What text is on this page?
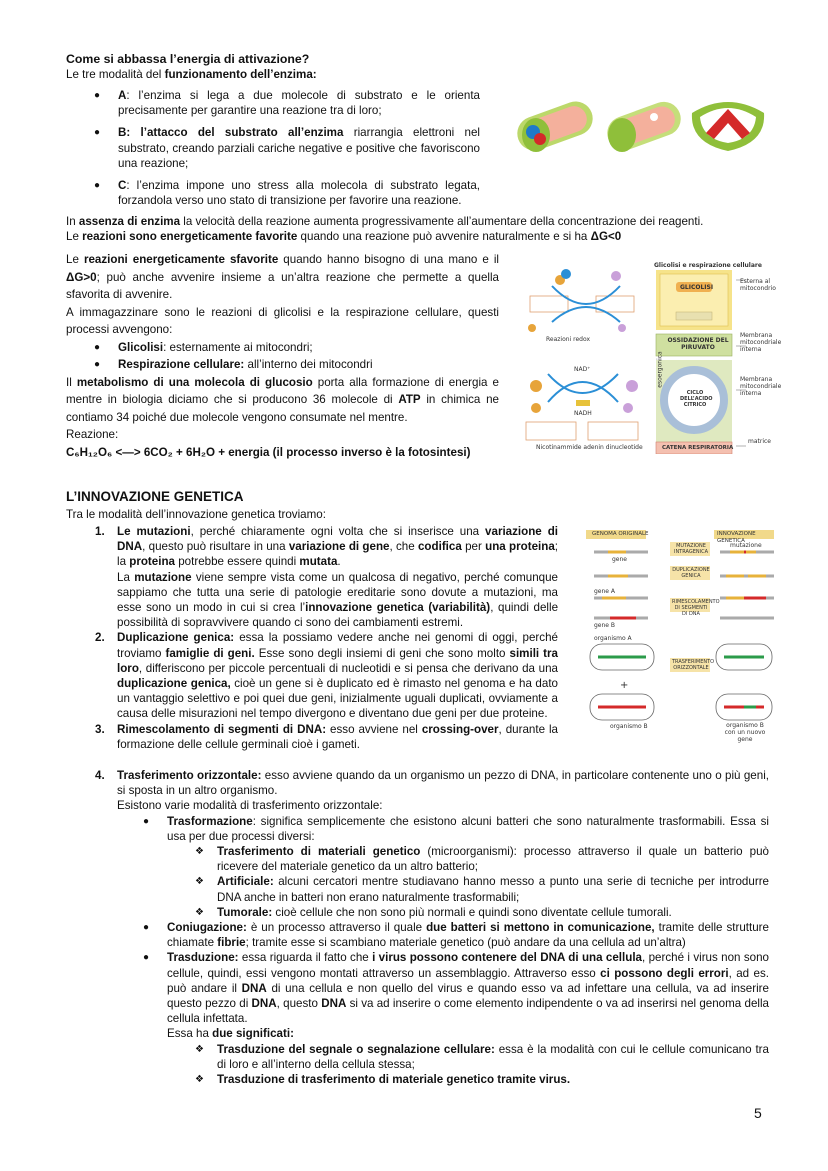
Come si abbassa l’energia di attivazione?

Le tre modalità del funzionamento dell’enzima:

● A: l’enzima si lega a due molecole di substrato e le orienta precisamente per garantire una reazione tra di loro;
● B: l’attacco del substrato all’enzima riarrangia elettroni nel substrato, creando parziali cariche negative e positive che favoriscono una reazione;
● C: l’enzima impone uno stress alla molecola di substrato legata, forzandola verso uno stato di transizione per favorire una reazione.

In assenza di enzima la velocità della reazione aumenta progressivamente all’aumentare della concentrazione dei reagenti.

Le reazioni sono energeticamente favorite quando una reazione può avvenire naturalmente e si ha ΔG<0

Le reazioni energeticamente sfavorite quando hanno bisogno di una mano e il ΔG>0; può anche avvenire insieme a un’altra reazione che permette a quella sfavorita di avvenire.

A immagazzinare sono le reazioni di glicolisi e la respirazione cellulare, questi processi avvengono:

● Glicolisi: esternamente ai mitocondri;
● Respirazione cellulare: all’interno dei mitocondri

Il metabolismo di una molecola di glucosio porta alla formazione di energia e mentre in biologia diciamo che si producono 36 molecole di ATP in chimica ne contiamo 34 poiché due molecole vengono consumate nel mentre.

Reazione:

C₆H₁₂O₆ <—> 6CO₂ + 6H₂O + energia (il processo inverso è la fotosintesi)

Reazioni redox
NAD⁺
NADH
Nicotinammide adenin dinucleotide
Glicolisi e respirazione cellulare
GLICOLISI
OSSIDAZIONE DEL PIRUVATO
CICLO DELL’ACIDO CITRICO
CATENA RESPIRATORIA
esoergonica
Esterna al mitocondrio
Membrana mitocondriale interna
Membrana mitocondriale interna
matrice
L’INNOVAZIONE GENETICA

Tra le modalità dell’innovazione genetica troviamo:

1. Le mutazioni, perché chiaramente ogni volta che si inserisce una variazione di DNA, questo può risultare in una variazione di gene, che codifica per una proteina; la proteina potrebbe essere quindi mutata.

La mutazione viene sempre vista come un qualcosa di negativo, perché comunque sappiamo che tutta una serie di patologie ereditarie sono dovute a mutazioni, ma esse sono un modo in cui si crea l’innovazione genetica (variabilità), quindi delle possibilità di sopravvivere quando ci sono dei cambiamenti estremi.

2. Duplicazione genica: essa la possiamo vedere anche nei genomi di oggi, perché troviamo famiglie di geni. Esse sono degli insiemi di geni che sono molto simili tra loro, differiscono per piccole percentuali di nucleotidi e si pensa che derivano da una duplicazione genica, cioè un gene si è duplicato ed è rimasto nel genoma e ha dato un vantaggio selettivo e poi quei due geni, inizialmente uguali duplicati, ovviamente a causa delle misurazioni nel tempo divergono e diventano due geni per due proteine.
3. Rimescolamento di segmenti di DNA: esso avviene nel crossing-over, durante la formazione delle cellule germinali cioè i gameti.
4. Trasferimento orizzontale: esso avviene quando da un organismo un pezzo di DNA, in particolare contenente uno o più geni, si sposta in un altro organismo.

Esistono varie modalità di trasferimento orizzontale:

● Trasformazione: significa semplicemente che esistono alcuni batteri che sono naturalmente trasformabili. Essa si usa per due processi diversi:
❖ Trasferimento di materiali genetico (microorganismi): processo attraverso il quale un batterio può ricevere del materiale genetico da un altro batterio;
❖ Artificiale: alcuni cercatori mentre studiavano hanno messo a punto una serie di tecniche per introdurre DNA anche in batteri non erano naturalmente trasformabili;
❖ Tumorale: cioè cellule che non sono più normali e quindi sono diventate cellule tumorali.
● Coniugazione: è un processo attraverso il quale due batteri si mettono in comunicazione, tramite delle strutture chiamate fibrie; tramite esse si scambiano materiale genetico (può andare da una cellula ad un’altra)
● Trasduzione: essa riguarda il fatto che i virus possono contenere del DNA di una cellula, perché i virus non sono cellule, quindi, essi vengono montati attraverso un assemblaggio. Attraverso esso ci possono degli errori, ad es. può andare il DNA di una cellula e non quello del virus e quando esso va ad infettare una cellula, va ad inserire questo pezzo di DNA, questo DNA si va ad inserire o come elemento indipendente o va ad inserirsi nel genoma della cellula infettata.

Essa ha due significati:

❖ Trasduzione del segnale o segnalazione cellulare: essa è la modalità con cui le cellule comunicano tra di loro e all’interno della cellula stessa;
❖ Trasduzione di trasferimento di materiale genetico tramite virus.
+
GENOMA ORIGINALE	INNOVAZIONE GENETICA
MUTAZIONE INTRAGENICA
DUPLICAZIONE GENICA
RIMESCOLAMENTO DI SEGMENTI DI DNA
TRASFERIMENTO ORIZZONTALE
gene
mutazione
gene A
gene B
organismo A
organismo B	organismo B con un nuovo gene
5
